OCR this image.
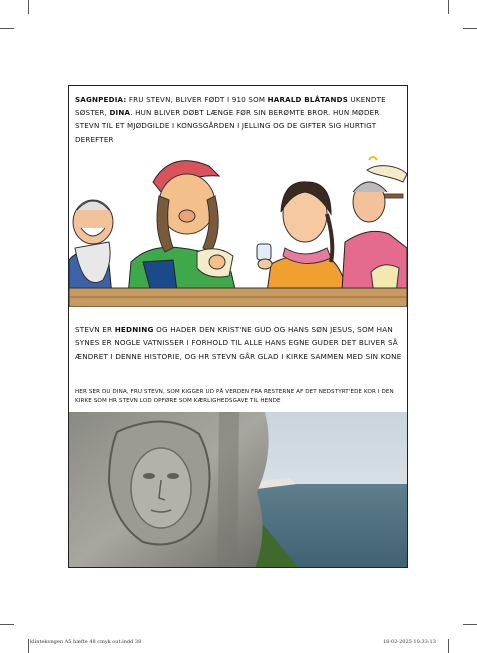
SAGNPEDIA: FRU STEVN, BLIVER FØDT I 910 SOM HARALD BLÅTANDS UKENDTE SØSTER, DINA. HUN BLIVER DØBT LÆNGE FØR SIN BERØMTE BROR. HUN MØDER STEVN TIL ET MJØDGILDE I KONGSGÅRDEN I JELLING OG DE GIFTER SIG HURTIGT DEREFTER
STEVN ER HEDNING OG HADER DEN KRIST'NE GUD OG HANS SØN JESUS, SOM HAN SYNES ER NOGLE VATNISSER I FORHOLD TIL ALLE HANS EGNE GUDER DET BLIVER SÅ ÆNDRET I DENNE HISTORIE, OG HR STEVN GÅR GLAD I KIRKE SAMMEN MED SIN KONE
HER SER DU DINA, FRU STEVN, SOM KIGGER UD PÅ VERDEN FRA RESTERNE AF DET NEDSTYRT'EDE KOR I DEN KIRKE SOM HR STEVN LOD OPFØRE SOM KÆRLIGHEDSGAVE TIL HENDE
klintekongen A5 hæfte 48 cmyk out.indd 38	18-02-2025 10:33:13
